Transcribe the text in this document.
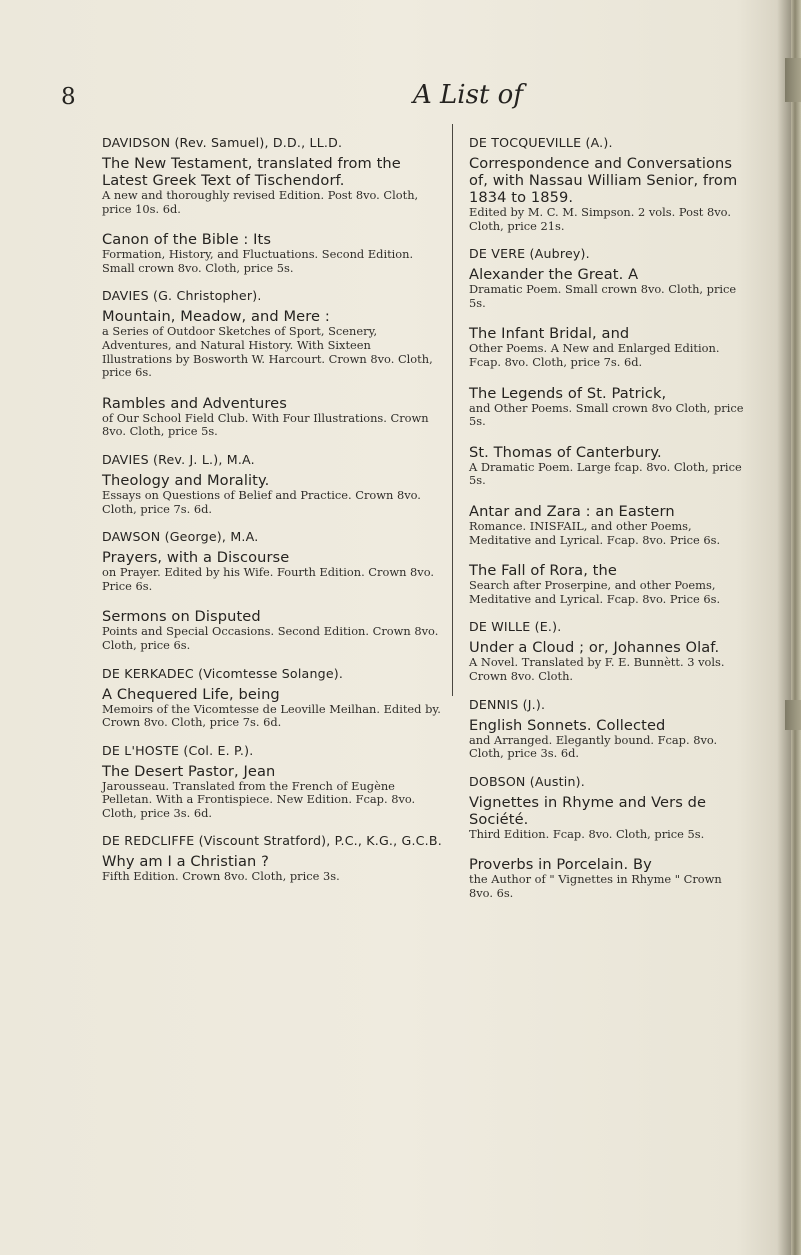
8	A List of

DAVIDSON (Rev. Samuel), D.D., LL.D.

The New Testament, translated from the Latest Greek Text of Tischendorf.

A new and thoroughly revised Edition. Post 8vo. Cloth, price 10s. 6d.

Canon of the Bible : Its

Formation, History, and Fluctuations. Second Edition. Small crown 8vo. Cloth, price 5s.

DAVIES (G. Christopher).

Mountain, Meadow, and Mere :

a Series of Outdoor Sketches of Sport, Scenery, Adventures, and Natural History. With Sixteen Illustrations by Bosworth W. Harcourt. Crown 8vo. Cloth, price 6s.

Rambles and Adventures

of Our School Field Club. With Four Illustrations. Crown 8vo. Cloth, price 5s.

DAVIES (Rev. J. L.), M.A.

Theology and Morality.

Essays on Questions of Belief and Practice. Crown 8vo. Cloth, price 7s. 6d.

DAWSON (George), M.A.

Prayers, with a Discourse

on Prayer. Edited by his Wife. Fourth Edition. Crown 8vo. Price 6s.

Sermons on Disputed

Points and Special Occasions. Second Edition. Crown 8vo. Cloth, price 6s.

DE KERKADEC (Vicomtesse Solange).

A Chequered Life, being

Memoirs of the Vicomtesse de Leoville Meilhan. Edited by. Crown 8vo. Cloth, price 7s. 6d.

DE L'HOSTE (Col. E. P.).

The Desert Pastor, Jean

Jarousseau. Translated from the French of Eugène Pelletan. With a Frontispiece. New Edition. Fcap. 8vo. Cloth, price 3s. 6d.

DE REDCLIFFE (Viscount Stratford), P.C., K.G., G.C.B.

Why am I a Christian ?

Fifth Edition. Crown 8vo. Cloth, price 3s.

DE TOCQUEVILLE (A.).

Correspondence and Conversations of, with Nassau William Senior, from 1834 to 1859.

Edited by M. C. M. Simpson. 2 vols. Post 8vo. Cloth, price 21s.

DE VERE (Aubrey).

Alexander the Great. A

Dramatic Poem. Small crown 8vo. Cloth, price 5s.

The Infant Bridal, and

Other Poems. A New and Enlarged Edition. Fcap. 8vo. Cloth, price 7s. 6d.

The Legends of St. Patrick,

and Other Poems. Small crown 8vo Cloth, price 5s.

St. Thomas of Canterbury.

A Dramatic Poem. Large fcap. 8vo. Cloth, price 5s.

Antar and Zara : an Eastern

Romance. INISFAIL, and other Poems, Meditative and Lyrical. Fcap. 8vo. Price 6s.

The Fall of Rora, the

Search after Proserpine, and other Poems, Meditative and Lyrical. Fcap. 8vo. Price 6s.

DE WILLE (E.).

Under a Cloud ; or, Johannes Olaf.

A Novel. Translated by F. E. Bunnètt. 3 vols. Crown 8vo. Cloth.

DENNIS (J.).

English Sonnets. Collected

and Arranged. Elegantly bound. Fcap. 8vo. Cloth, price 3s. 6d.

DOBSON (Austin).

Vignettes in Rhyme and Vers de Société.

Third Edition. Fcap. 8vo. Cloth, price 5s.

Proverbs in Porcelain. By

the Author of " Vignettes in Rhyme " Crown 8vo. 6s.
